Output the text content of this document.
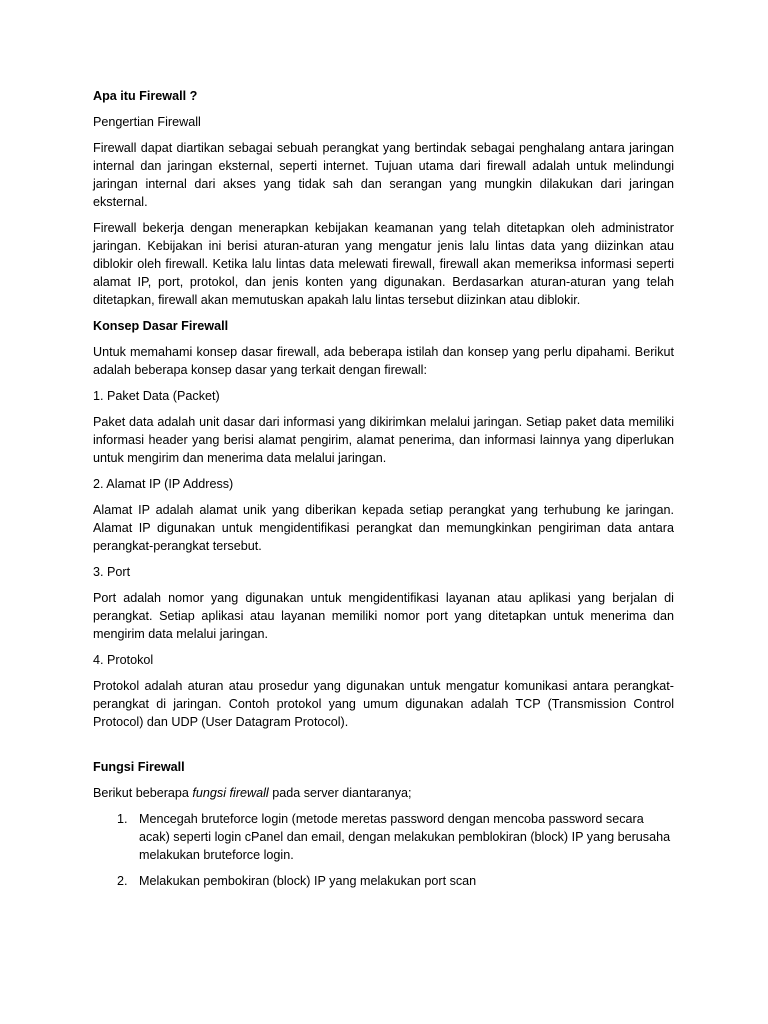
Apa itu Firewall ?

Pengertian Firewall

Firewall dapat diartikan sebagai sebuah perangkat yang bertindak sebagai penghalang antara jaringan internal dan jaringan eksternal, seperti internet. Tujuan utama dari firewall adalah untuk melindungi jaringan internal dari akses yang tidak sah dan serangan yang mungkin dilakukan dari jaringan eksternal.

Firewall bekerja dengan menerapkan kebijakan keamanan yang telah ditetapkan oleh administrator jaringan. Kebijakan ini berisi aturan-aturan yang mengatur jenis lalu lintas data yang diizinkan atau diblokir oleh firewall. Ketika lalu lintas data melewati firewall, firewall akan memeriksa informasi seperti alamat IP, port, protokol, dan jenis konten yang digunakan. Berdasarkan aturan-aturan yang telah ditetapkan, firewall akan memutuskan apakah lalu lintas tersebut diizinkan atau diblokir.

Konsep Dasar Firewall

Untuk memahami konsep dasar firewall, ada beberapa istilah dan konsep yang perlu dipahami. Berikut adalah beberapa konsep dasar yang terkait dengan firewall:

1. Paket Data (Packet)

Paket data adalah unit dasar dari informasi yang dikirimkan melalui jaringan. Setiap paket data memiliki informasi header yang berisi alamat pengirim, alamat penerima, dan informasi lainnya yang diperlukan untuk mengirim dan menerima data melalui jaringan.

2. Alamat IP (IP Address)

Alamat IP adalah alamat unik yang diberikan kepada setiap perangkat yang terhubung ke jaringan. Alamat IP digunakan untuk mengidentifikasi perangkat dan memungkinkan pengiriman data antara perangkat-perangkat tersebut.

3. Port

Port adalah nomor yang digunakan untuk mengidentifikasi layanan atau aplikasi yang berjalan di perangkat. Setiap aplikasi atau layanan memiliki nomor port yang ditetapkan untuk menerima dan mengirim data melalui jaringan.

4. Protokol

Protokol adalah aturan atau prosedur yang digunakan untuk mengatur komunikasi antara perangkat-perangkat di jaringan. Contoh protokol yang umum digunakan adalah TCP (Transmission Control Protocol) dan UDP (User Datagram Protocol).

Fungsi Firewall

Berikut beberapa fungsi firewall pada server diantaranya;

1. Mencegah bruteforce login (metode meretas password dengan mencoba password secara acak) seperti login cPanel dan email, dengan melakukan pemblokiran (block) IP yang berusaha melakukan bruteforce login.
2. Melakukan pembokiran (block) IP yang melakukan port scan
